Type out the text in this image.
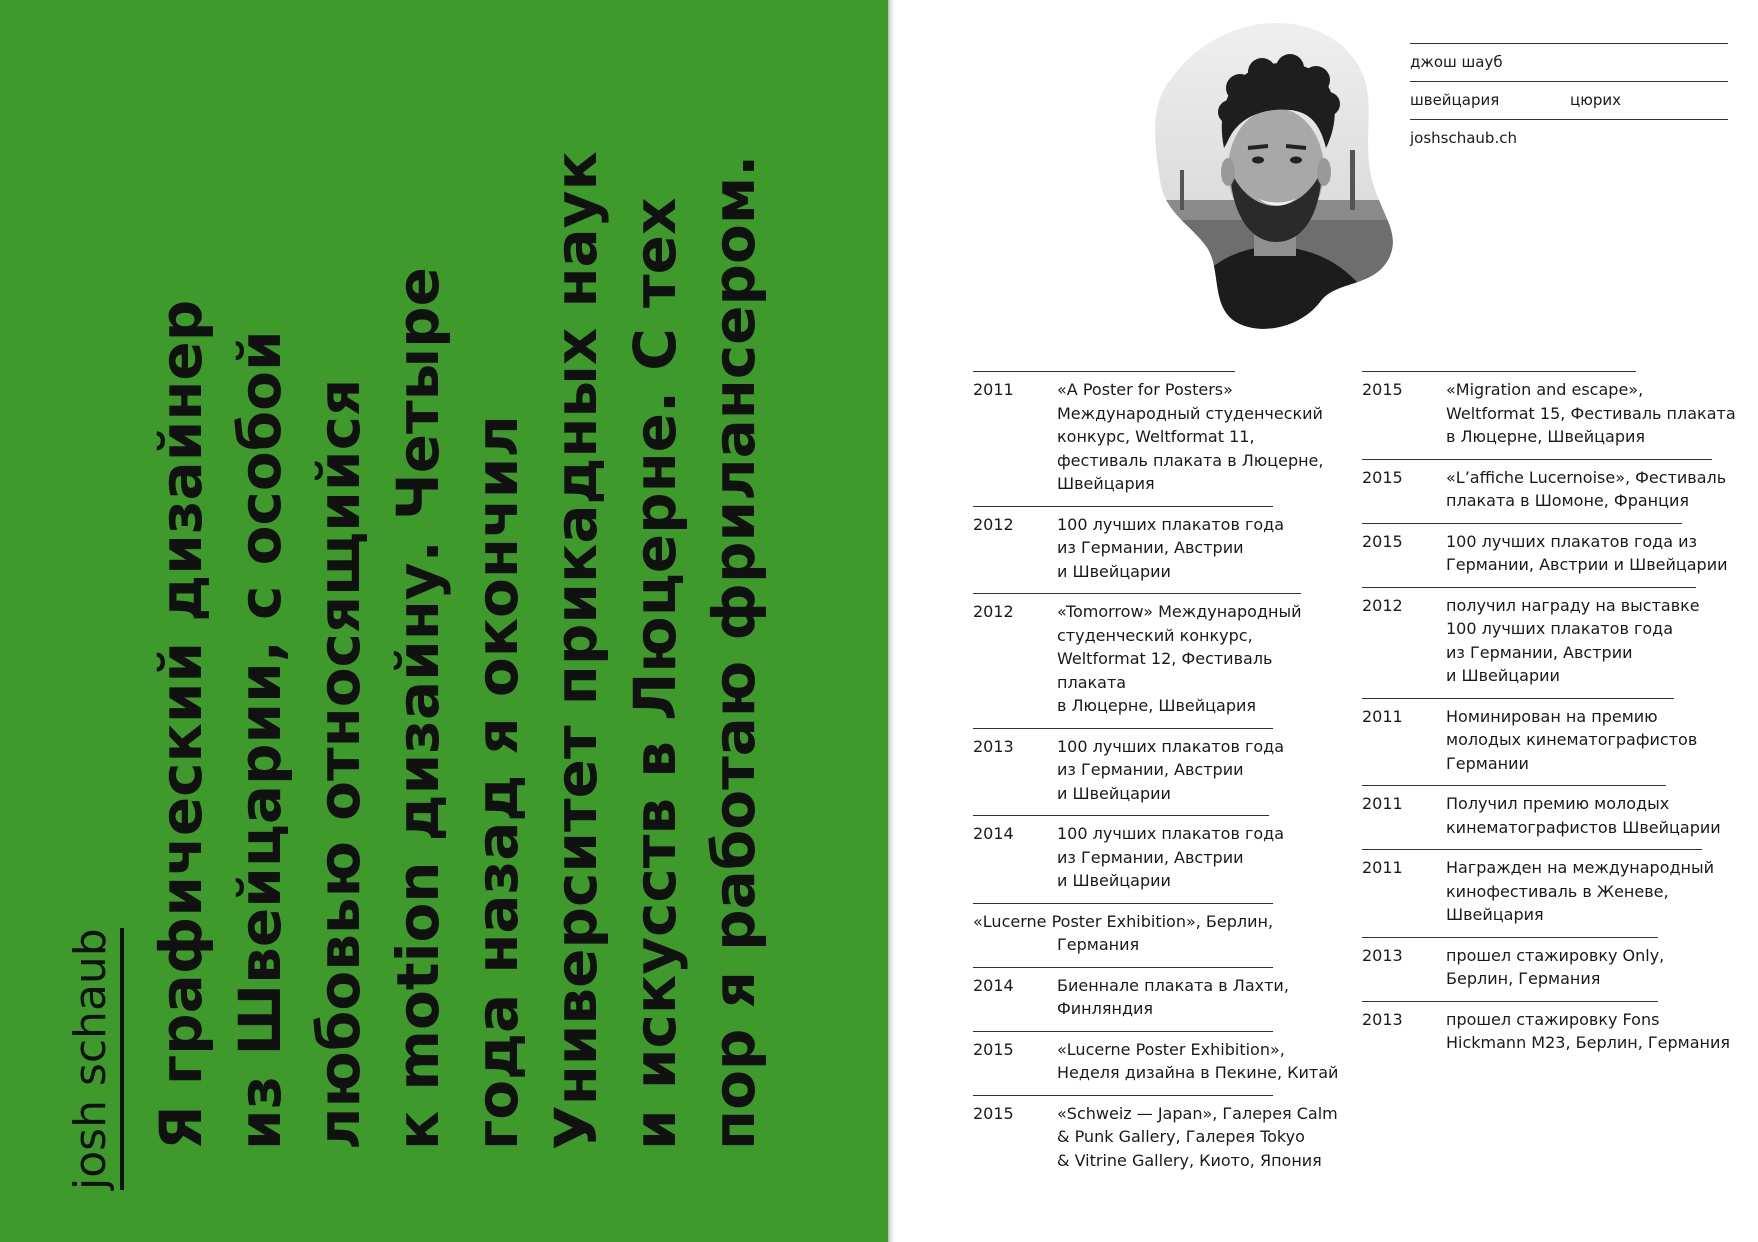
josh schaub Я графический дизайнер из Швейцарии, с особой любовью относящийся к motion дизайну. Четыре года назад я окончил Университет прикадных наук и искусств в Люцерне. С тех пор я работаю фрилансером.
джош шауб
швейцария	цюрих
joshschaub.ch
2011	«A Poster for Posters»
Международный студенческий
конкурс, Weltformat 11,
фестиваль плаката в Люцерне,
Швейцария
2012	100 лучших плакатов года
из Германии, Австрии
и Швейцарии
2012	«Tomorrow» Международный
студенческий конкурс,
Weltformat 12, Фестиваль плаката
в Люцерне, Швейцария
2013	100 лучших плакатов года
из Германии, Австрии
и Швейцарии
2014	100 лучших плакатов года
из Германии, Австрии
и Швейцарии
«Lucerne Poster Exhibition», Берлин,
Германия
2014	Биеннале плаката в Лахти,
Финляндия
2015	«Lucerne Poster Exhibition»,
Неделя дизайна в Пекине, Китай
2015	«Schweiz — Japan», Галерея Calm
& Punk Gallery, Галерея Tokyo
& Vitrine Gallery, Киото, Япония
2015	«Migration and escape»,
Weltformat 15, Фестиваль плаката
в Люцерне, Швейцария
2015	«L’affiche Lucernoise», Фестиваль
плаката в Шомоне, Франция
2015	100 лучших плакатов года из
Германии, Австрии и Швейцарии
2012	получил награду на выставке
100 лучших плакатов года
из Германии, Австрии
и Швейцарии
2011	Номинирован на премию
молодых кинематографистов
Германии
2011	Получил премию молодых
кинематографистов Швейцарии
2011	Награжден на международный
кинофестиваль в Женеве,
Швейцария
2013	прошел стажировку Only,
Берлин, Германия
2013	прошел стажировку Fons
Hickmann M23, Берлин, Германия
